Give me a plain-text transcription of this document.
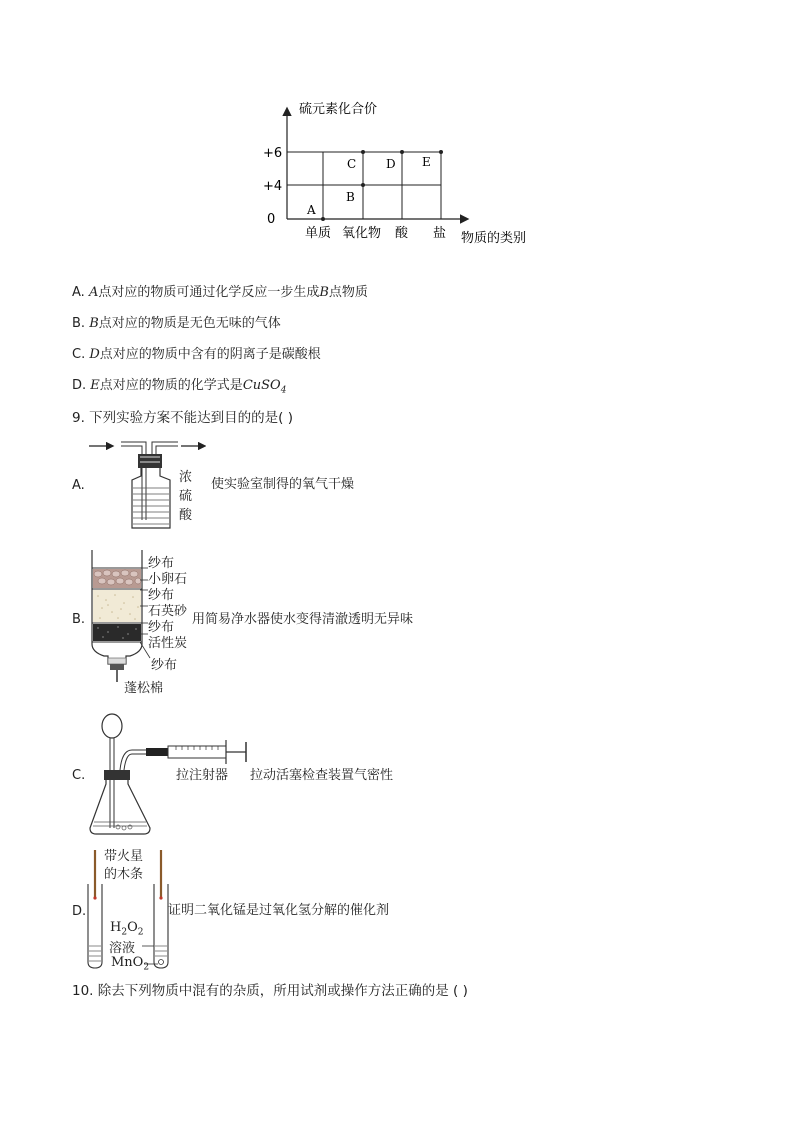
硫元素化合价
+6
+4
0
A
B
C D E
单质 氧化物 酸 盐 物质的类别
A. A点对应的物质可通过化学反应一步生成B点物质
B. B点对应的物质是无色无味的气体
C. D点对应的物质中含有的阴离子是碳酸根
D. E点对应的物质的化学式是CuSO$_4$
9. 下列实验方案不能达到目的的是( )
A.
浓
硫
酸
使实验室制得的氧气干燥
纱布
小卵石
纱布
石英砂
纱布
活性炭
纱布
蓬松棉
B.	用简易净水器使水变得清澈透明无异味
拉注射器
C.	拉动活塞检查装置气密性
带火星
的木条
$H_2O_2$
溶液
MnO$_2$
D.	证明二氧化锰是过氧化氢分解的催化剂
10. 除去下列物质中混有的杂质，所用试剂或操作方法正确的是 ( )
